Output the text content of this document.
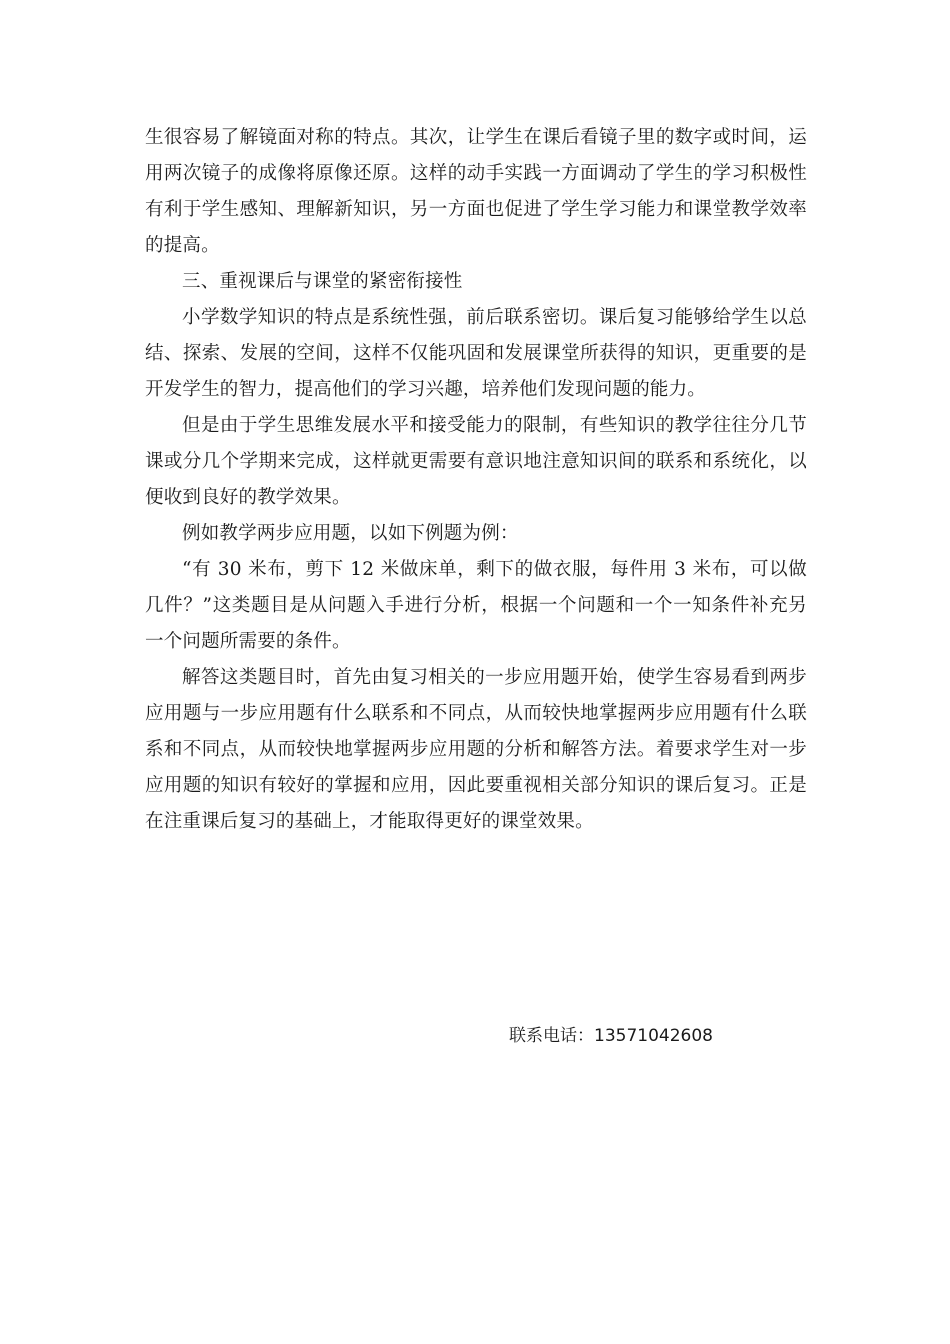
生很容易了解镜面对称的特点。其次，让学生在课后看镜子里的数字或时间，运用两次镜子的成像将原像还原。这样的动手实践一方面调动了学生的学习积极性有利于学生感知、理解新知识，另一方面也促进了学生学习能力和课堂教学效率的提高。

三、重视课后与课堂的紧密衔接性

小学数学知识的特点是系统性强，前后联系密切。课后复习能够给学生以总结、探索、发展的空间，这样不仅能巩固和发展课堂所获得的知识，更重要的是开发学生的智力，提高他们的学习兴趣，培养他们发现问题的能力。

但是由于学生思维发展水平和接受能力的限制，有些知识的教学往往分几节课或分几个学期来完成，这样就更需要有意识地注意知识间的联系和系统化，以便收到良好的教学效果。

例如教学两步应用题，以如下例题为例：

“有 30 米布，剪下 12 米做床单，剩下的做衣服，每件用 3 米布，可以做几件？”这类题目是从问题入手进行分析，根据一个问题和一个一知条件补充另一个问题所需要的条件。

解答这类题目时，首先由复习相关的一步应用题开始，使学生容易看到两步应用题与一步应用题有什么联系和不同点，从而较快地掌握两步应用题有什么联系和不同点，从而较快地掌握两步应用题的分析和解答方法。着要求学生对一步应用题的知识有较好的掌握和应用，因此要重视相关部分知识的课后复习。正是在注重课后复习的基础上，才能取得更好的课堂效果。

联系电话：13571042608
